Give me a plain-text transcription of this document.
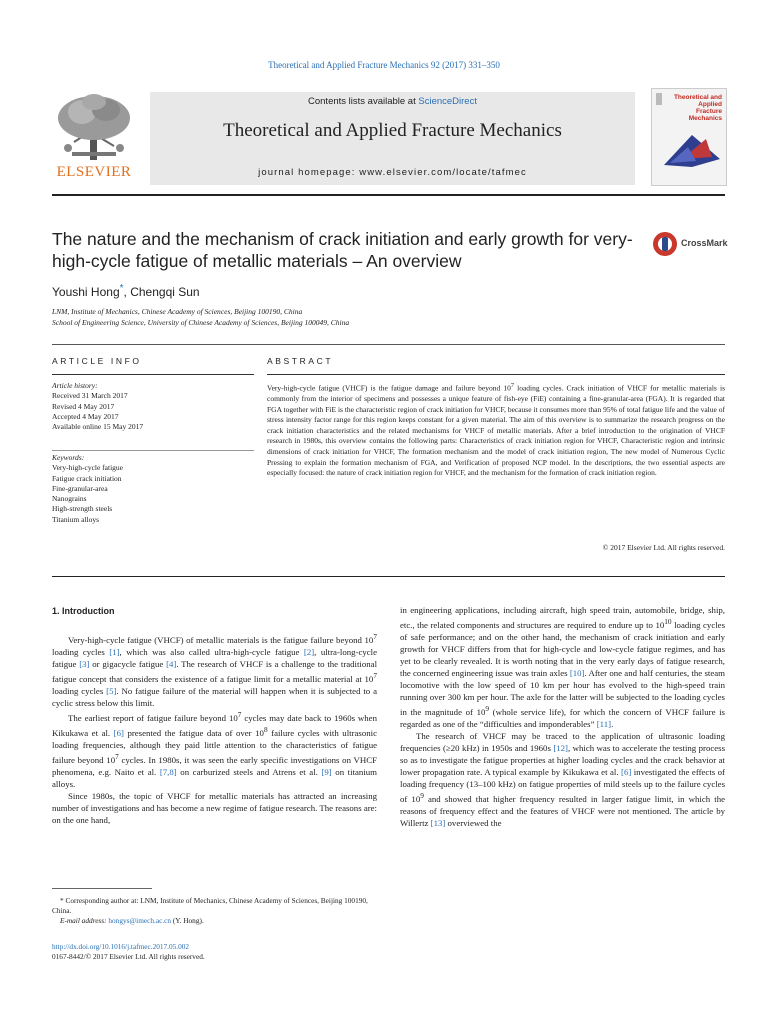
Theoretical and Applied Fracture Mechanics 92 (2017) 331–350
ELSEVIER
Contents lists available at ScienceDirect
Theoretical and Applied Fracture Mechanics
journal homepage: www.elsevier.com/locate/tafmec
Theoretical and Applied Fracture Mechanics
The nature and the mechanism of crack initiation and early growth for very-high-cycle fatigue of metallic materials – An overview
CrossMark
Youshi Hong*, Chengqi Sun
LNM, Institute of Mechanics, Chinese Academy of Sciences, Beijing 100190, China
School of Engineering Science, University of Chinese Academy of Sciences, Beijing 100049, China
ARTICLE INFO
Article history:
Received 31 March 2017
Revised 4 May 2017
Accepted 4 May 2017
Available online 15 May 2017
Keywords:
Very-high-cycle fatigue
Fatigue crack initiation
Fine-granular-area
Nanograins
High-strength steels
Titanium alloys
ABSTRACT
Very-high-cycle fatigue (VHCF) is the fatigue damage and failure beyond $10^7$ loading cycles. Crack initiation of VHCF for metallic materials is commonly from the interior of specimens and possesses a unique feature of fish-eye (FiE) containing a fine-granular-area (FGA). It is regarded that FGA together with FiE is the characteristic region of crack initiation for VHCF, because it consumes more than 95% of total fatigue life and the value of stress intensity factor range for this region keeps constant for a given material. The aim of this overview is to summarize the research progress on the crack initiation characteristics and the related mechanisms for VHCF of metallic materials. After a brief introduction to the origination of VHCF research in 1980s, this overview contains the following parts: Characteristics of crack initiation region for VHCF, Characteristic region and intrinsic dimensions of crack initiation for VHCF, The formation mechanism and the model of crack initiation region, The new model of Numerous Cyclic Pressing to explain the formation mechanism of FGA, and Verification of proposed NCP model. In the descriptions, the two essential aspects are especially focused: the nature of crack initiation region for VHCF, and the mechanism for the formation of crack initiation region.
© 2017 Elsevier Ltd. All rights reserved.
1. Introduction

Very-high-cycle fatigue (VHCF) of metallic materials is the fatigue failure beyond $10^7$ loading cycles [1], which was also called ultra-high-cycle fatigue [2], ultra-long-cycle fatigue [3] or gigacycle fatigue [4]. The research of VHCF is a challenge to the traditional fatigue concept that considers the existence of a fatigue limit for a metallic material at $10^7$ loading cycles [5]. No fatigue failure of the material will happen when it is subjected to a cyclic stress below this limit.

The earliest report of fatigue failure beyond $10^7$ cycles may date back to 1960s when Kikukawa et al. [6] presented the fatigue data of over $10^8$ failure cycles with ultrasonic loading frequencies, although they paid little attention to the characteristics of fatigue failure beyond $10^7$ cycles. In 1980s, it was seen the early specific investigations on VHCF phenomena, e.g. Naito et al. [7,8] on carburized steels and Atrens et al. [9] on titanium alloys.

Since 1980s, the topic of VHCF for metallic materials has attracted an increasing number of investigations and has become a new regime of fatigue research. The reasons are: on the one hand,

* Corresponding author at: LNM, Institute of Mechanics, Chinese Academy of Sciences, Beijing 100190, China.
E-mail address: hongys@imech.ac.cn (Y. Hong).
http://dx.doi.org/10.1016/j.tafmec.2017.05.002
0167-8442/© 2017 Elsevier Ltd. All rights reserved.

in engineering applications, including aircraft, high speed train, automobile, bridge, ship, etc., the related components and structures are required to endure up to $10^{10}$ loading cycles of safe performance; and on the other hand, the mechanism of crack initiation and early growth for VHCF differs from that for high-cycle and low-cycle fatigue regimes, and has yet to be clearly revealed. It is worth noting that in the very early days of fatigue research, the concerned engineering issue was train axles [10]. After one and half centuries, the steam locomotive with the low speed of 10 km per hour has evolved to the high-speed train running over 300 km per hour. The axle for the latter will be subjected to the loading cycles in the magnitude of $10^9$ (whole service life), for which the concern of VHCF failure is regarded as one of the “difficulties and imponderables” [11].

The research of VHCF may be traced to the application of ultrasonic loading frequencies (≥20 kHz) in 1950s and 1960s [12], which was to accelerate the testing process so as to investigate the fatigue properties at higher loading cycles and the crack behavior at lower propagation rate. A typical example by Kikukawa et al. [6] investigated the effects of loading frequency (13–100 kHz) on fatigue properties of mild steels up to the failure cycles of $10^9$ and showed that higher frequency resulted in larger fatigue limit, in which the reasons of frequency effect and the features of VHCF were not mentioned. The article by Willertz [13] overviewed the
